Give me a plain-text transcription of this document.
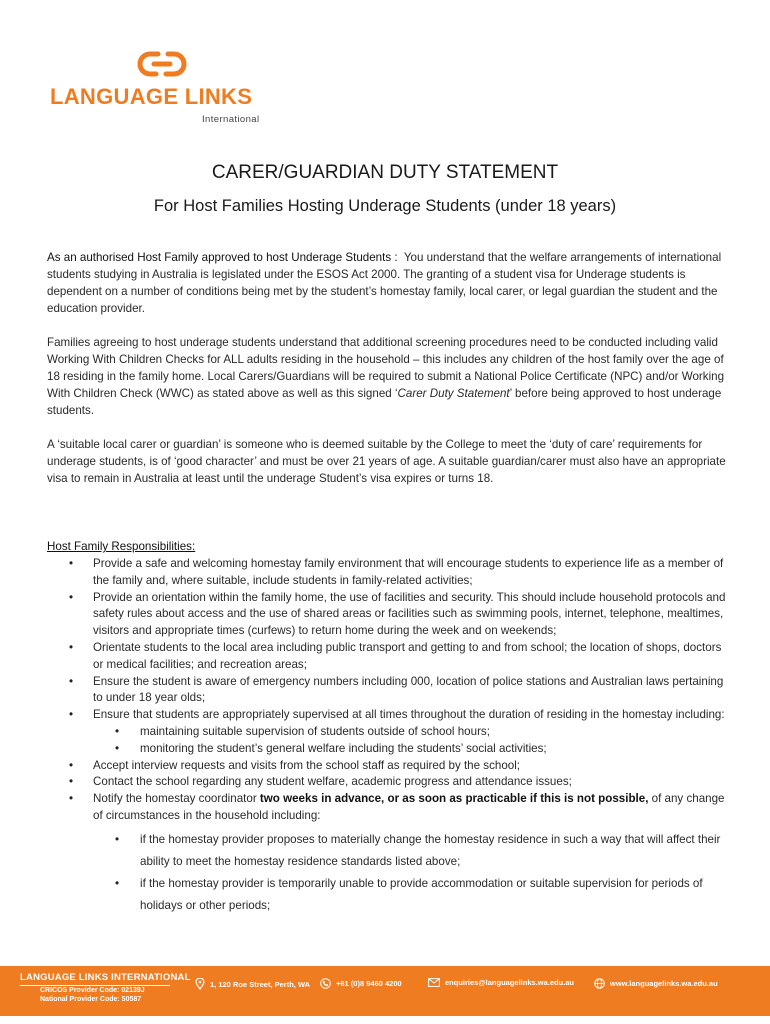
LANGUAGE LINKS
International
CARER/GUARDIAN DUTY STATEMENT
For Host Families Hosting Underage Students (under 18 years)

As an authorised Host Family approved to host Underage Students : You understand that the welfare arrangements of international students studying in Australia is legislated under the ESOS Act 2000. The granting of a student visa for Underage students is dependent on a number of conditions being met by the student’s homestay family, local carer, or legal guardian the student and the education provider.

Families agreeing to host underage students understand that additional screening procedures need to be conducted including valid Working With Children Checks for ALL adults residing in the household – this includes any children of the host family over the age of 18 residing in the family home. Local Carers/Guardians will be required to submit a National Police Certificate (NPC) and/or Working With Children Check (WWC) as stated above as well as this signed ‘Carer Duty Statement’ before being approved to host underage students.

A ‘suitable local carer or guardian’ is someone who is deemed suitable by the College to meet the ‘duty of care’ requirements for underage students, is of ‘good character’ and must be over 21 years of age. A suitable guardian/carer must also have an appropriate visa to remain in Australia at least until the underage Student’s visa expires or turns 18.

Host Family Responsibilities:
• Provide a safe and welcoming homestay family environment that will encourage students to experience life as a member of the family and, where suitable, include students in family-related activities;
• Provide an orientation within the family home, the use of facilities and security. This should include household protocols and safety rules about access and the use of shared areas or facilities such as swimming pools, internet, telephone, mealtimes, visitors and appropriate times (curfews) to return home during the week and on weekends;
• Orientate students to the local area including public transport and getting to and from school; the location of shops, doctors or medical facilities; and recreation areas;
• Ensure the student is aware of emergency numbers including 000, location of police stations and Australian laws pertaining to under 18 year olds;
• Ensure that students are appropriately supervised at all times throughout the duration of residing in the homestay including:
• maintaining suitable supervision of students outside of school hours;
• monitoring the student’s general welfare including the students’ social activities;
• Accept interview requests and visits from the school staff as required by the school;
• Contact the school regarding any student welfare, academic progress and attendance issues;
• Notify the homestay coordinator two weeks in advance, or as soon as practicable if this is not possible, of any change of circumstances in the household including:
• if the homestay provider proposes to materially change the homestay residence in such a way that will affect their ability to meet the homestay residence standards listed above;
• if the homestay provider is temporarily unable to provide accommodation or suitable supervision for periods of holidays or other periods;
LANGUAGE LINKS INTERNATIONAL
CRICOS Provider Code: 02139J
National Provider Code: 50587
1, 120 Roe Street, Perth, WA	+61 (0)8 9460 4200	enquiries@languagelinks.wa.edu.au	www.languagelinks.wa.edu.au
